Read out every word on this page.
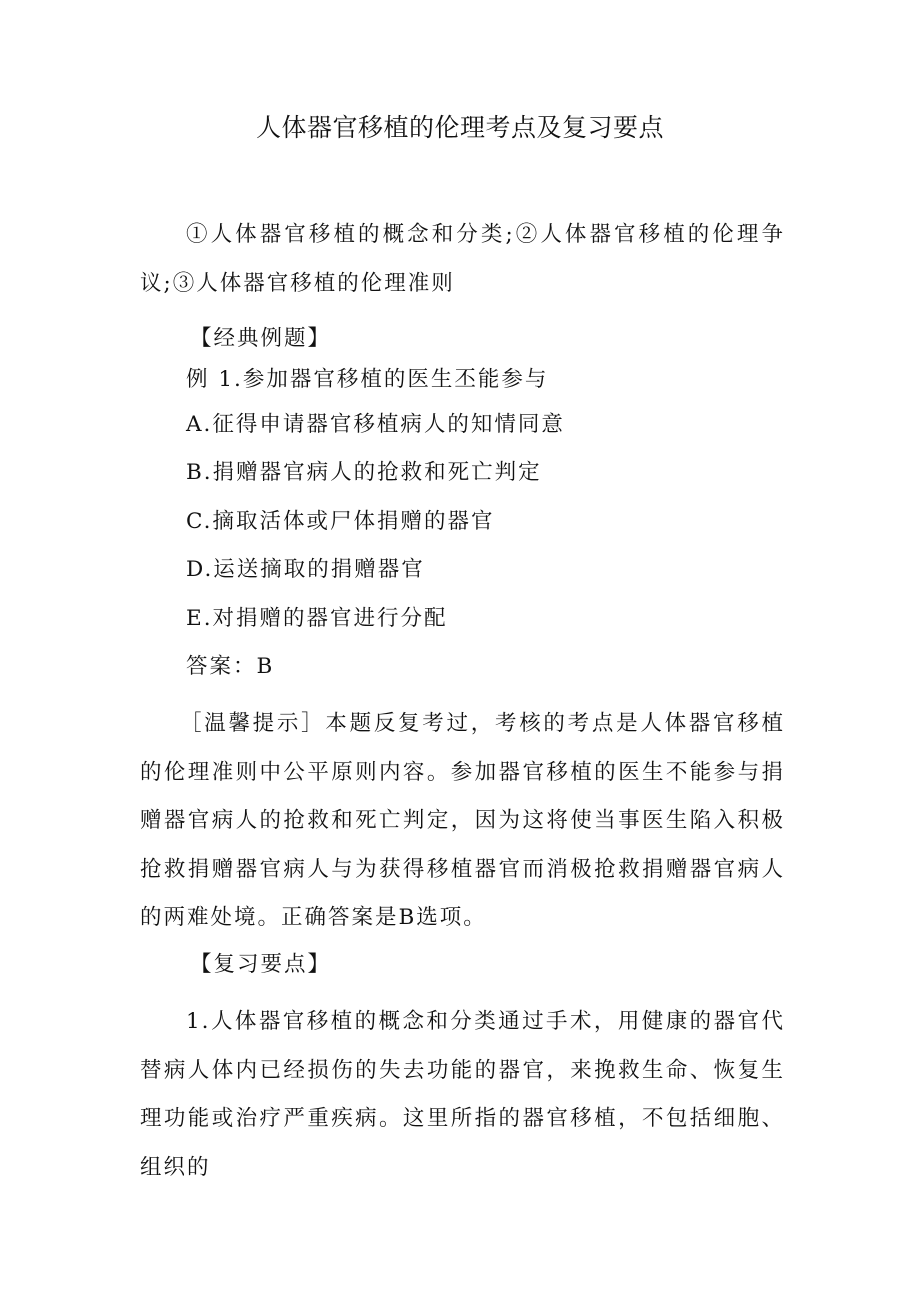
人体器官移植的伦理考点及复习要点

①人体器官移植的概念和分类;②人体器官移植的伦理争议;③人体器官移植的伦理准则

【经典例题】

例 1.参加器官移植的医生丕能参与

A.征得申请器官移植病人的知情同意

B.捐赠器官病人的抢救和死亡判定

C.摘取活体或尸体捐赠的器官

D.运送摘取的捐赠器官

E.对捐赠的器官进行分配

答案：B

［温馨提示］本题反复考过，考核的考点是人体器官移植的伦理准则中公平原则内容。参加器官移植的医生不能参与捐赠器官病人的抢救和死亡判定，因为这将使当事医生陷入积极抢救捐赠器官病人与为获得移植器官而消极抢救捐赠器官病人的两难处境。正确答案是B选项。

【复习要点】

1.人体器官移植的概念和分类通过手术，用健康的器官代替病人体内已经损伤的失去功能的器官，来挽救生命、恢复生理功能或治疗严重疾病。这里所指的器官移植，不包括细胞、组织的
